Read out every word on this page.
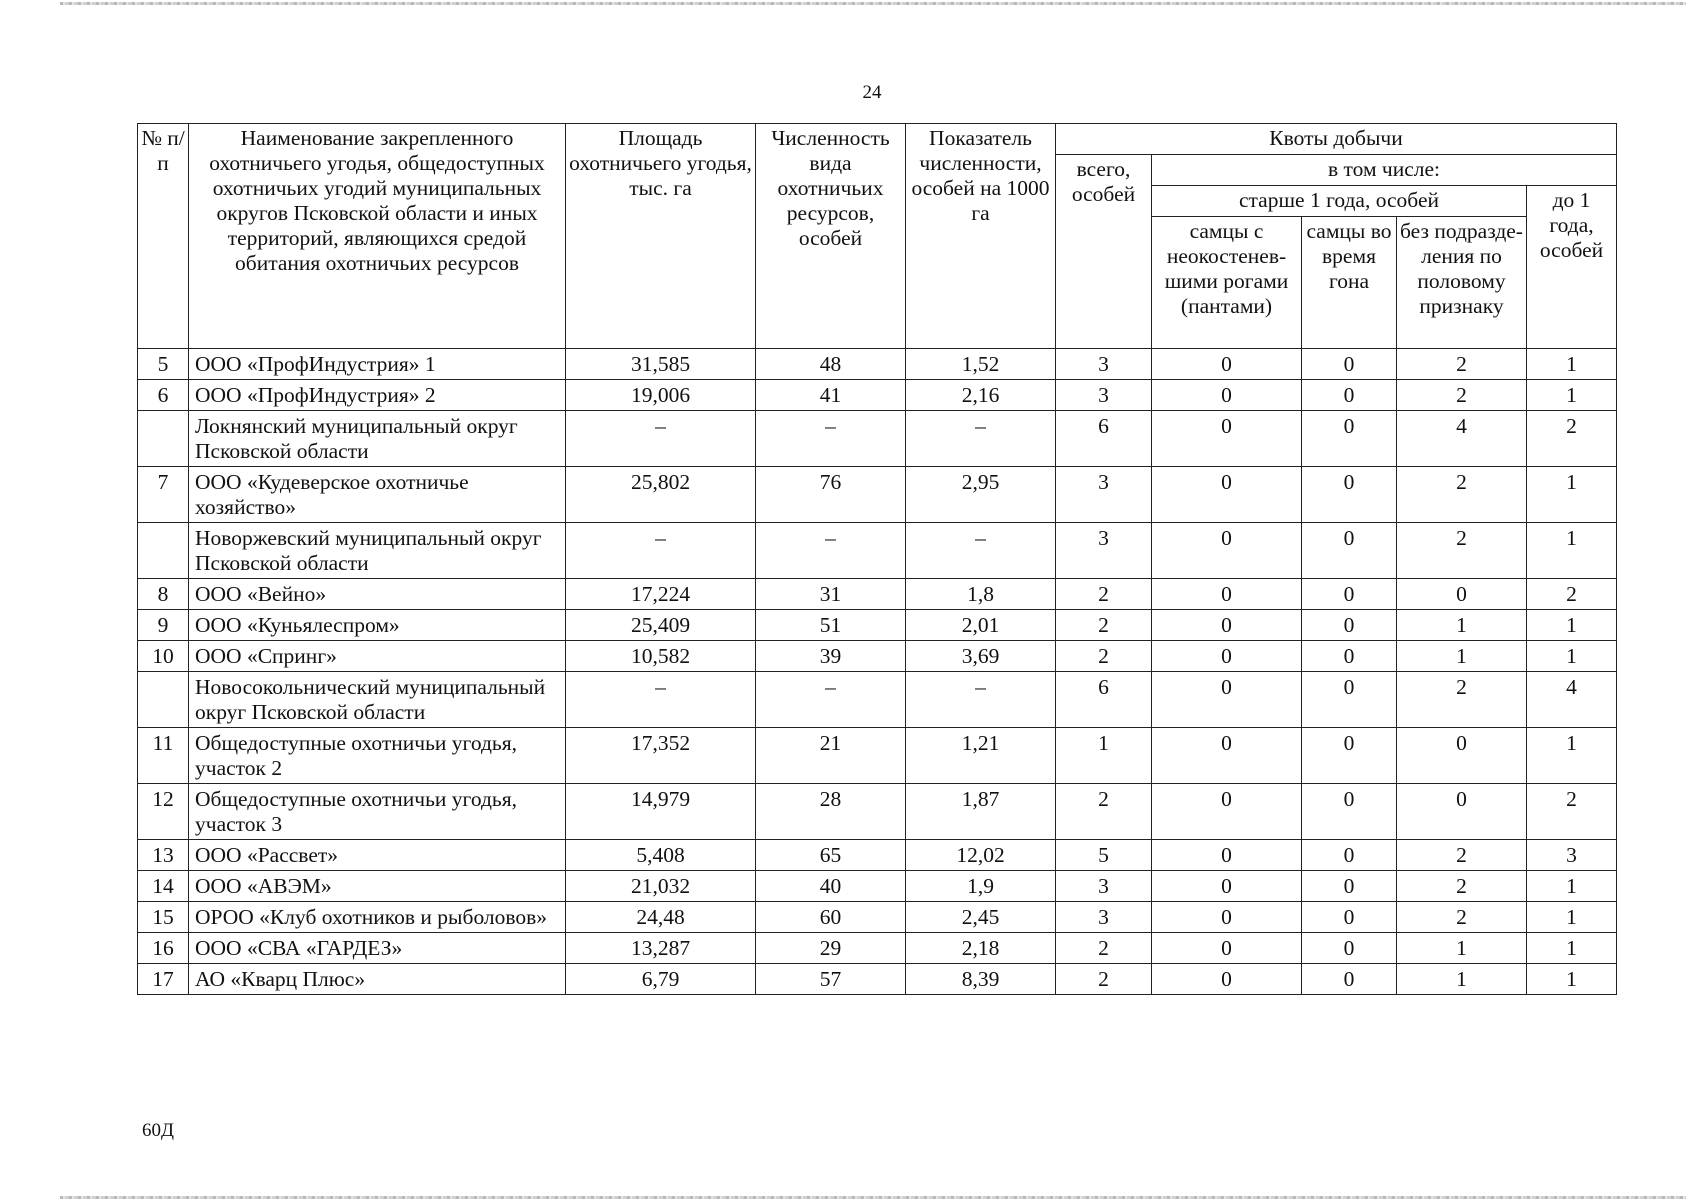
24
№ п/п	Наименование закрепленного охотничьего угодья, общедоступных охотничьих угодий муниципальных округов Псковской области и иных территорий, являющихся средой обитания охотничьих ресурсов	Площадь охотничьего угодья, тыс. га	Численность вида охотничьих ресурсов, особей	Показатель численности, особей на 1000 га	Квоты добычи				
					всего, особей	в том числе:			
						старше 1 года, особей			до 1 года, особей
						самцы с неокостенев-шими рогами (пантами)	самцы во время гона	без подразде-ления по половому признаку	
5	ООО «ПрофИндустрия» 1	31,585	48	1,52	3	0	0	2	1
6	ООО «ПрофИндустрия» 2	19,006	41	2,16	3	0	0	2	1
	Локнянский муниципальный округ Псковской области	–	–	–	6	0	0	4	2
7	ООО «Кудеверское охотничье хозяйство»	25,802	76	2,95	3	0	0	2	1
	Новоржевский муниципальный округ Псковской области	–	–	–	3	0	0	2	1
8	ООО «Вейно»	17,224	31	1,8	2	0	0	0	2
9	ООО «Куньялеспром»	25,409	51	2,01	2	0	0	1	1
10	ООО «Спринг»	10,582	39	3,69	2	0	0	1	1
	Новосокольнический муниципальный округ Псковской области	–	–	–	6	0	0	2	4
11	Общедоступные охотничьи угодья, участок 2	17,352	21	1,21	1	0	0	0	1
12	Общедоступные охотничьи угодья, участок 3	14,979	28	1,87	2	0	0	0	2
13	ООО «Рассвет»	5,408	65	12,02	5	0	0	2	3
14	ООО «АВЭМ»	21,032	40	1,9	3	0	0	2	1
15	ОРОО «Клуб охотников и рыболовов»	24,48	60	2,45	3	0	0	2	1
16	ООО «СВА «ГАРДЕЗ»	13,287	29	2,18	2	0	0	1	1
17	АО «Кварц Плюс»	6,79	57	8,39	2	0	0	1	1
60Д
